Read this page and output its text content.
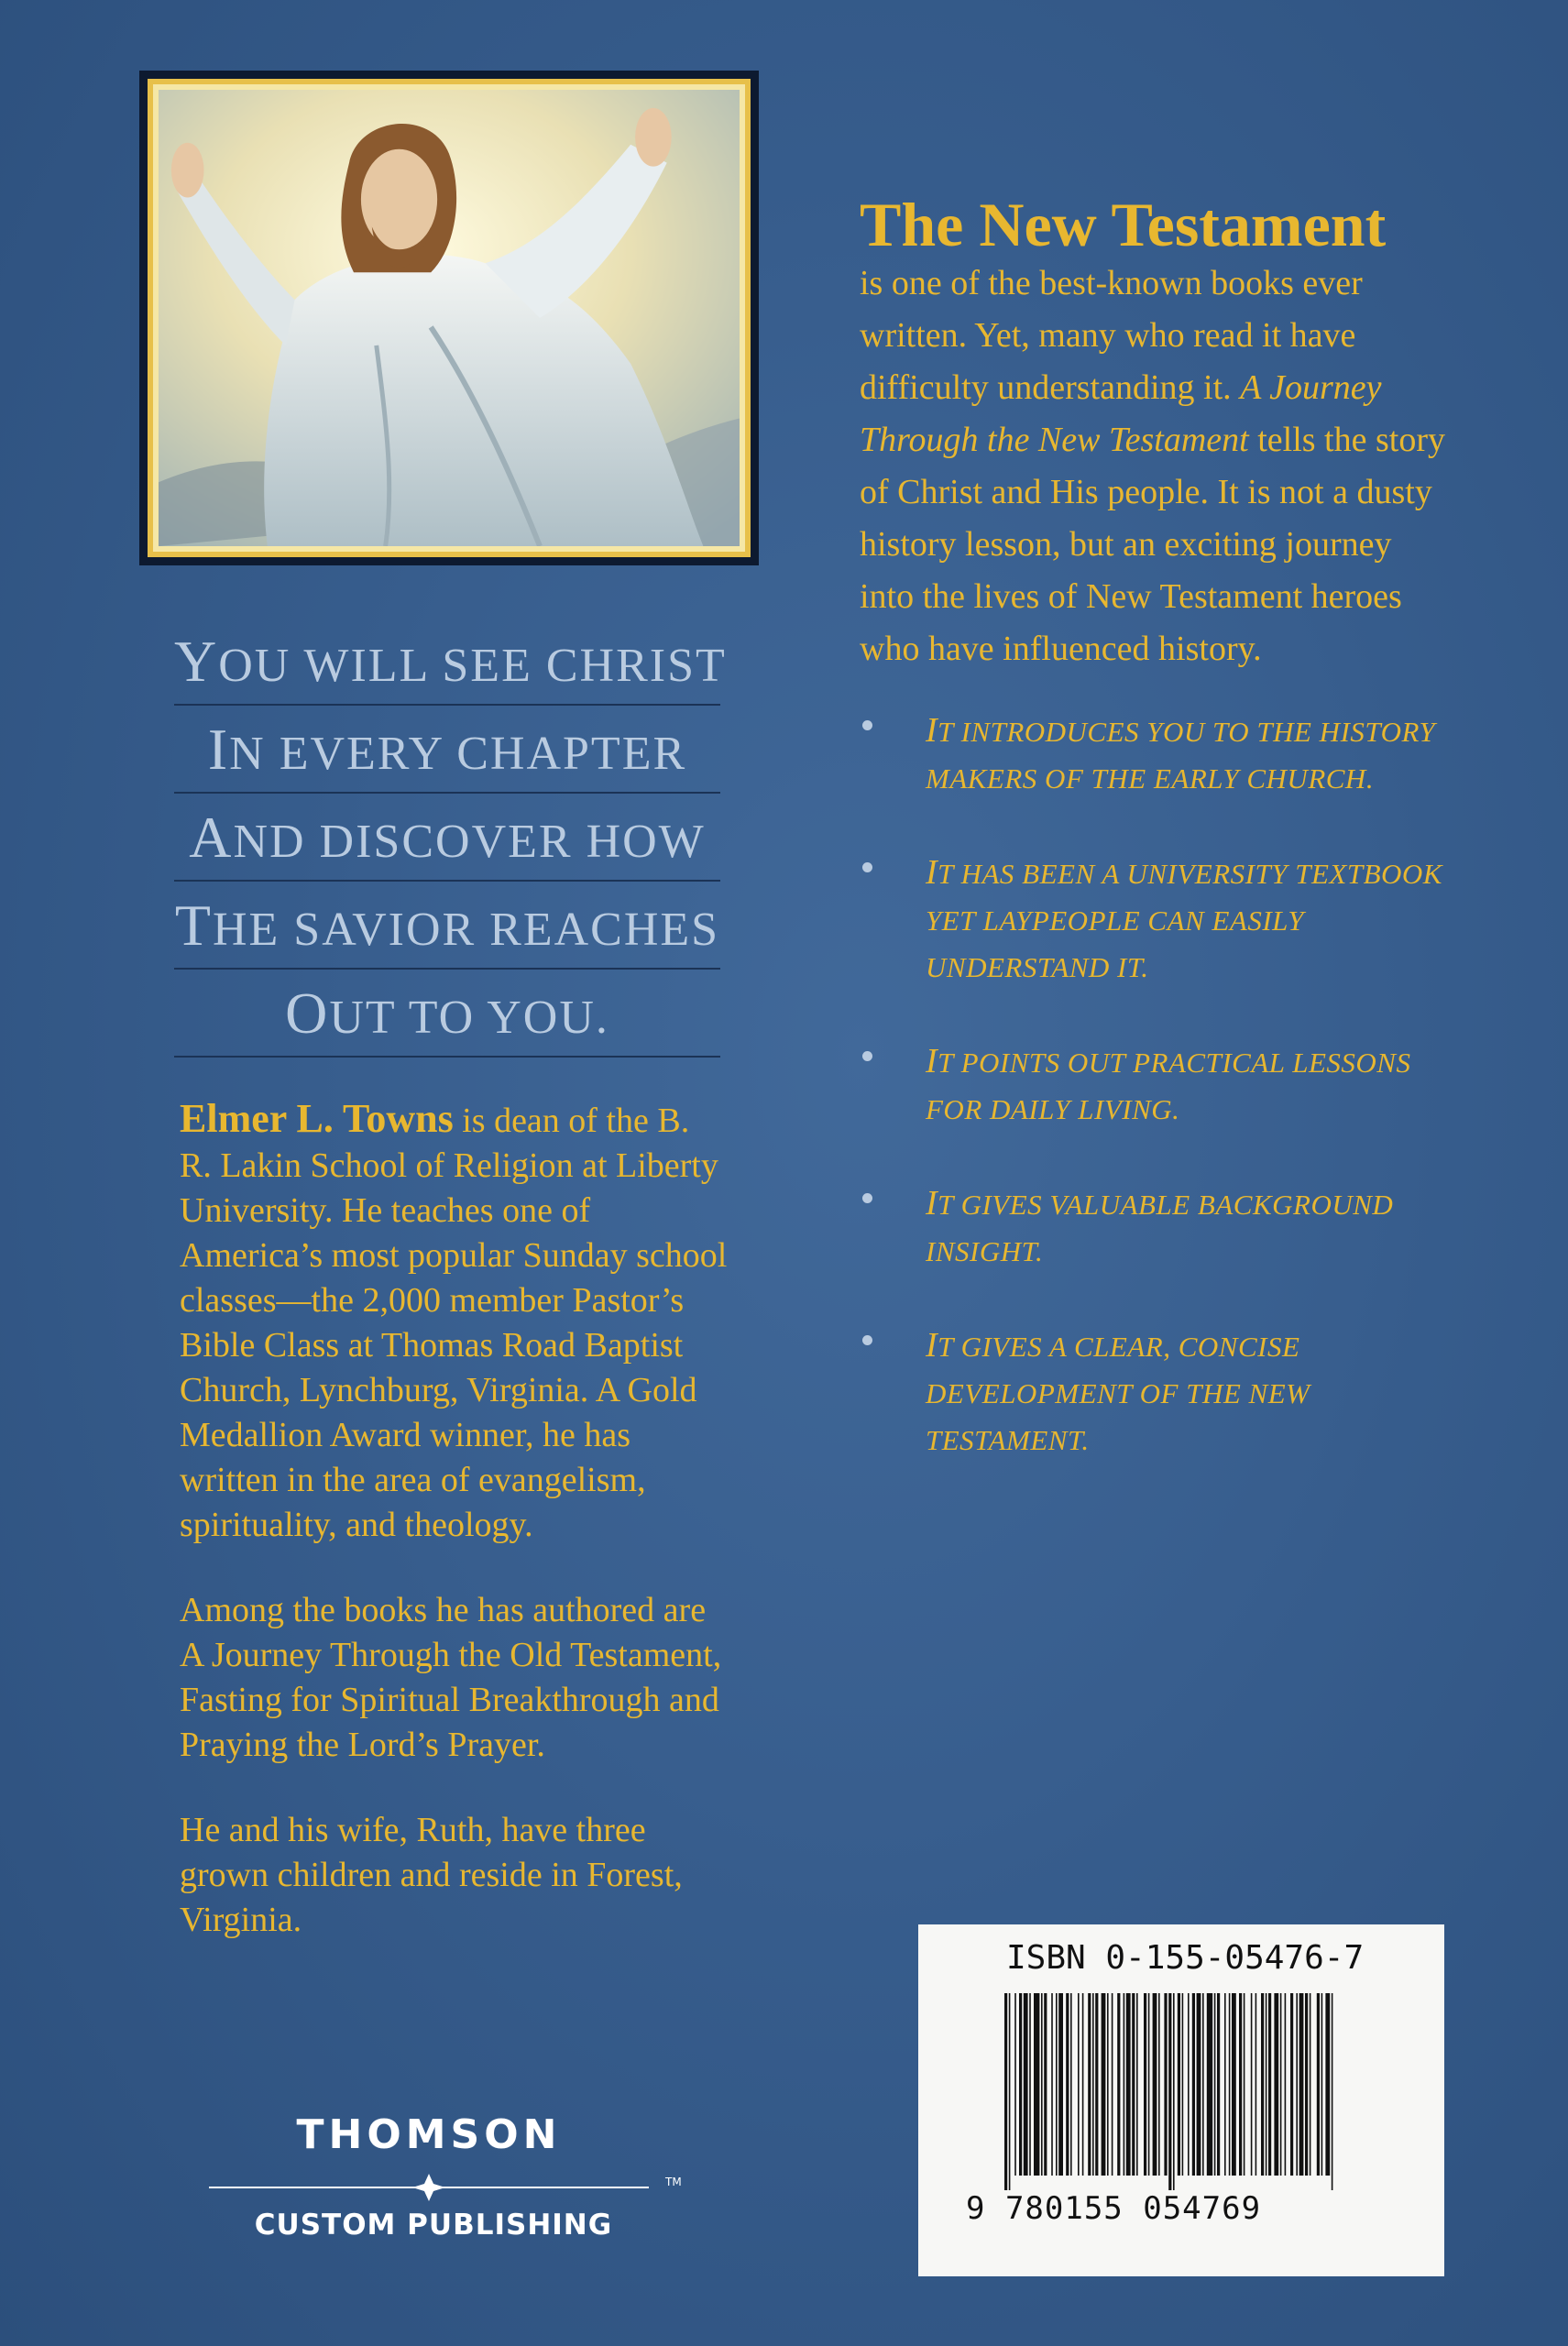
YOU WILL SEE CHRIST
IN EVERY CHAPTER
AND DISCOVER HOW
THE SAVIOR REACHES
OUT TO YOU.

Elmer L. Towns is dean of the B. R. Lakin School of Religion at Liberty University. He teaches one of America’s most popular Sunday school classes—the 2,000 member Pastor’s Bible Class at Thomas Road Baptist Church, Lynchburg, Virginia. A Gold Medallion Award winner, he has written in the area of evangelism, spirituality, and theology.

Among the books he has authored are A Journey Through the Old Testament, Fasting for Spiritual Breakthrough and Praying the Lord’s Prayer.

He and his wife, Ruth, have three grown children and reside in Forest, Virginia.

The New Testament

is one of the best-known books ever written. Yet, many who read it have difficulty understanding it. A Journey Through the New Testament tells the story of Christ and His people. It is not a dusty history lesson, but an exciting journey into the lives of New Testament heroes who have influenced history.

IT INTRODUCES YOU TO THE HISTORY MAKERS OF THE EARLY CHURCH.
IT HAS BEEN A UNIVERSITY TEXTBOOK YET LAYPEOPLE CAN EASILY UNDERSTAND IT.
IT POINTS OUT PRACTICAL LESSONS FOR DAILY LIVING.
IT GIVES VALUABLE BACKGROUND INSIGHT.
IT GIVES A CLEAR, CONCISE DEVELOPMENT OF THE NEW TESTAMENT.
THOMSON
TM
CUSTOM PUBLISHING
ISBN 0-155-05476-7
9 780155 054769
